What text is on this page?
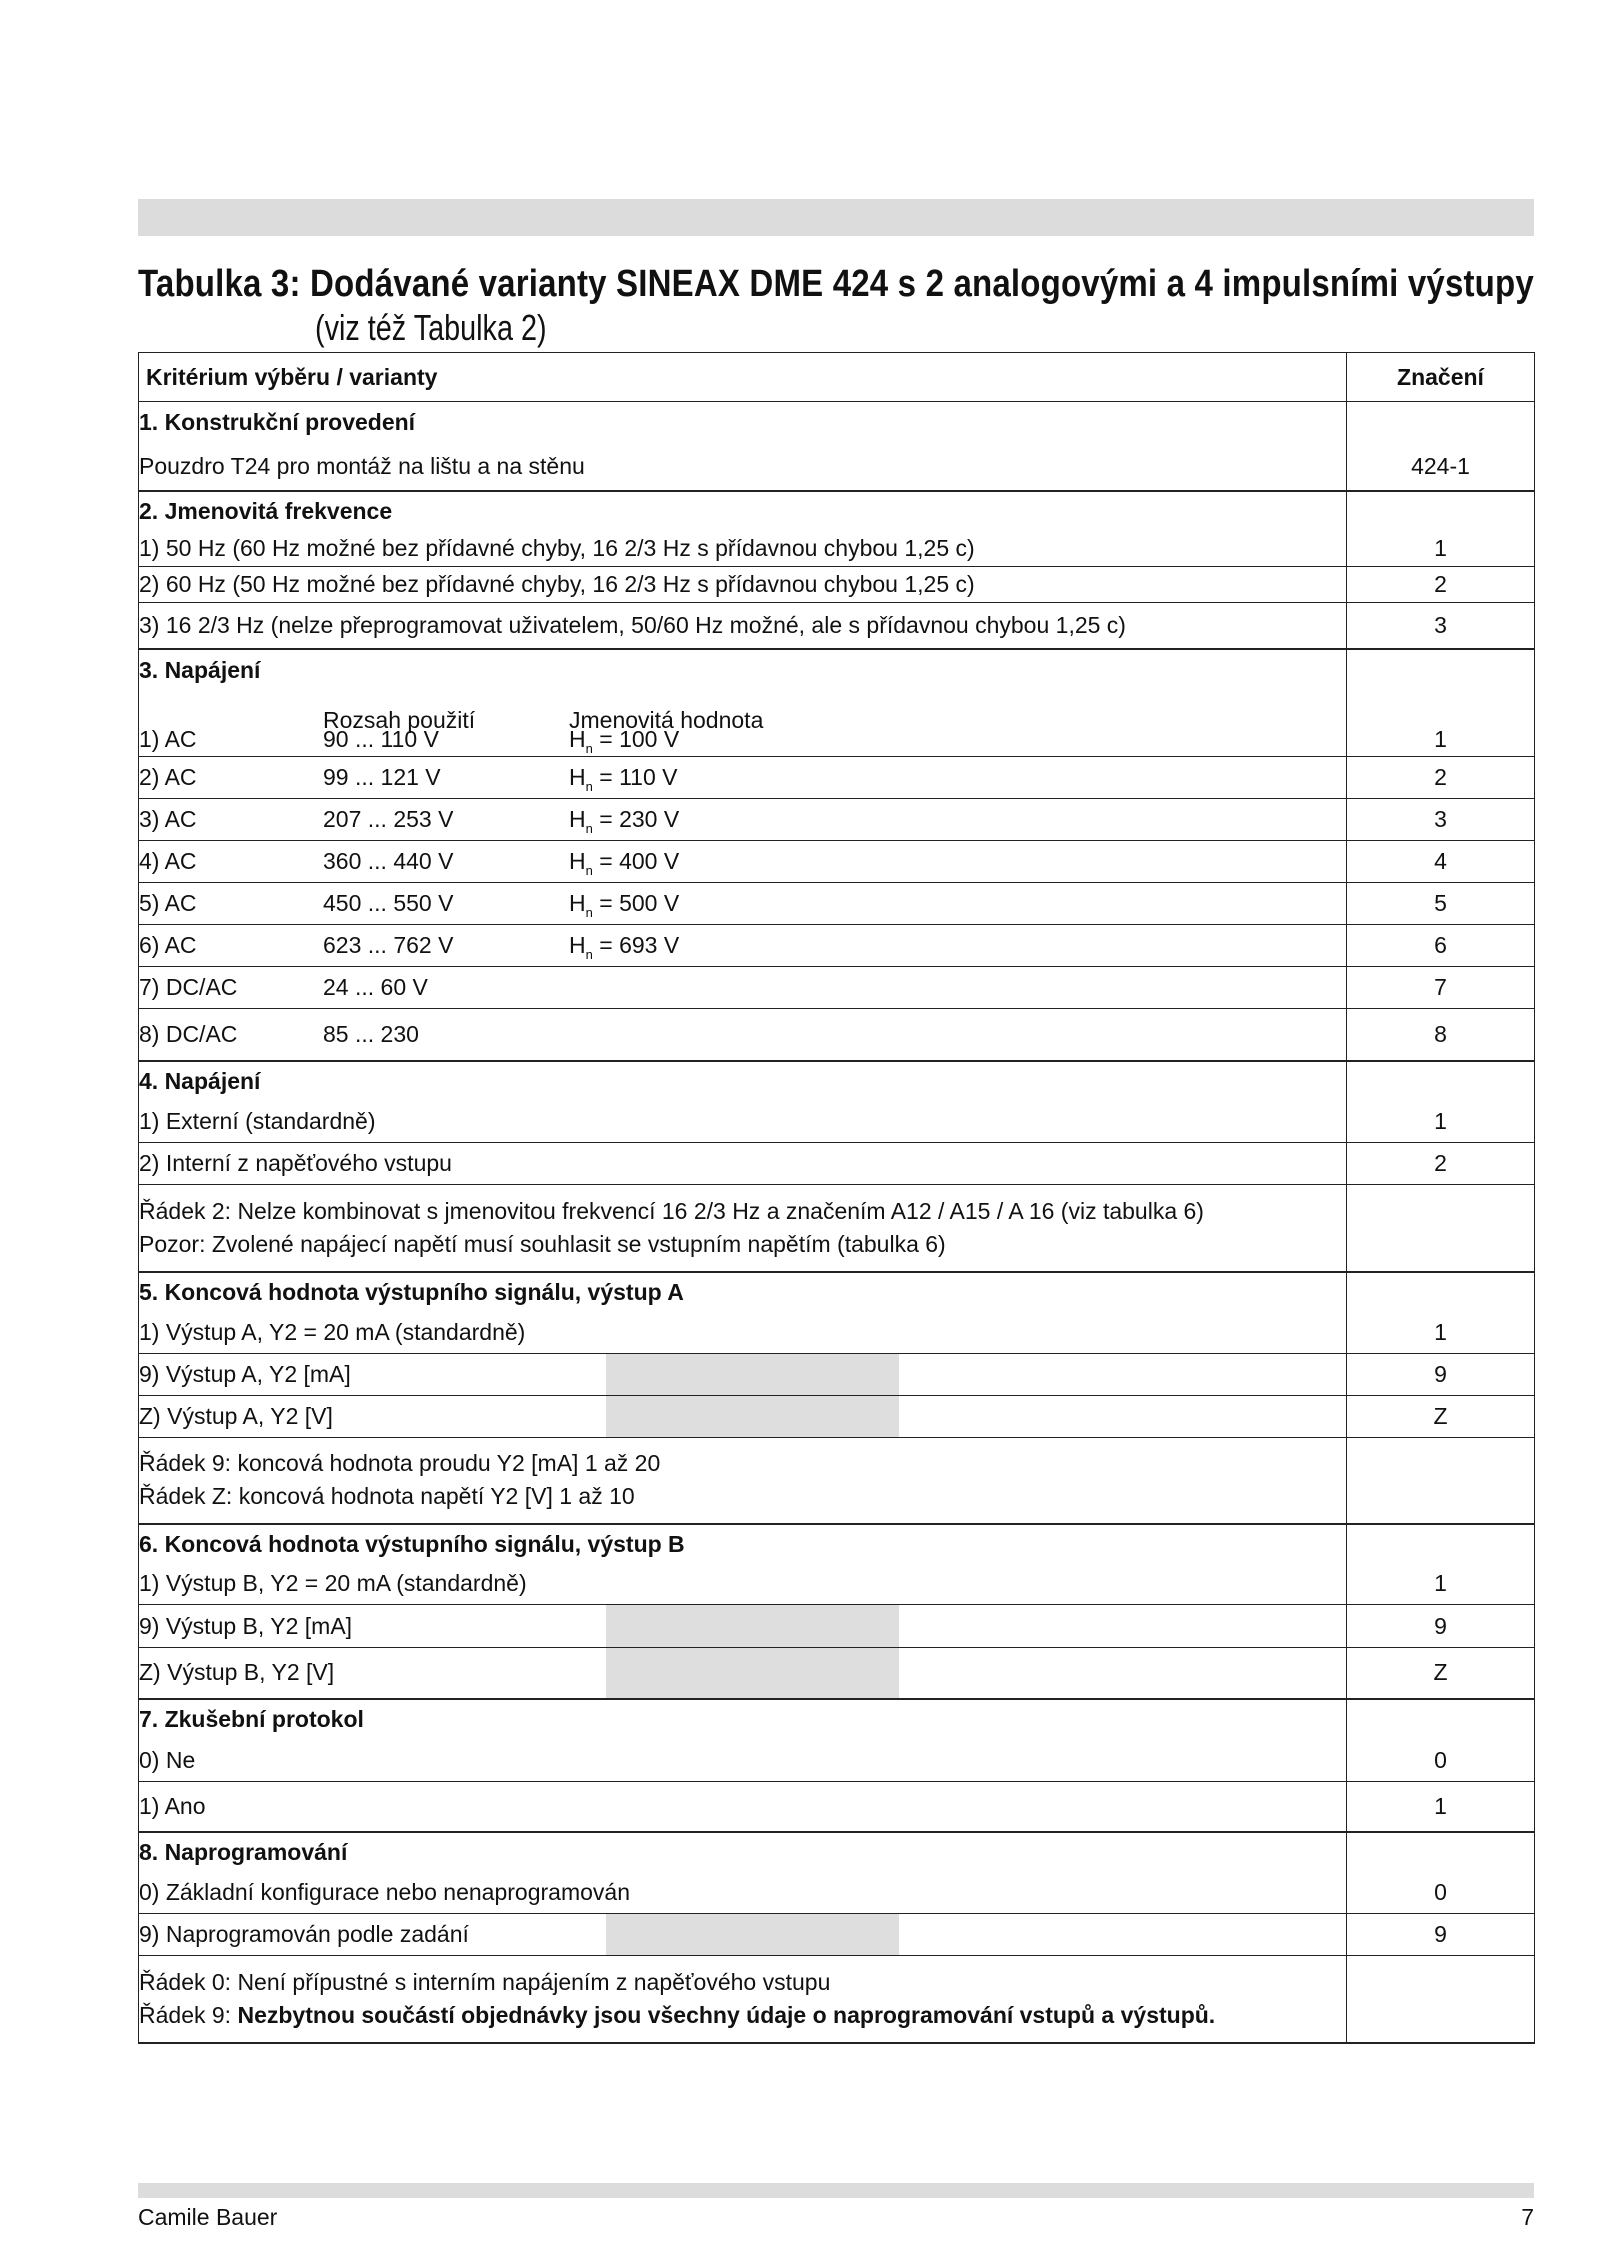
Tabulka 3: Dodávané varianty SINEAX DME 424 s 2 analogovými a 4 impulsními výstupy
(viz též Tabulka 2)
Kritérium výběru / varianty	Značení
1. Konstrukční provedení	
Pouzdro T24 pro montáž na lištu a na stěnu	424-1
2. Jmenovitá frekvence	
1) 50 Hz (60 Hz možné bez přídavné chyby, 16 2/3 Hz s přídavnou chybou 1,25 c)	1
2) 60 Hz (50 Hz možné bez přídavné chyby, 16 2/3 Hz s přídavnou chybou 1,25 c)	2
3) 16 2/3 Hz (nelze přeprogramovat uživatelem, 50/60 Hz možné, ale s přídavnou chybou 1,25 c)	3
3. Napájení	

Rozsah použití Jmenovitá hodnota	

1) AC 90 ... 110 V $H_n = 100$ V	1
2) AC 99 ... 121 V $H_n = 110$ V	2
3) AC 207 ... 253 V $H_n = 230$ V	3
4) AC 360 ... 440 V $H_n = 400$ V	4
5) AC 450 ... 550 V $H_n = 500$ V	5
6) AC 623 ... 762 V $H_n = 693$ V	6
7) DC/AC 24 ... 60 V	7
8) DC/AC 85 ... 230	8
4. Napájení	
1) Externí (standardně)	1
2) Interní z napěťového vstupu	2

Řádek 2: Nelze kombinovat s jmenovitou frekvencí 16 2/3 Hz a značením A12 / A15 / A 16 (viz tabulka 6)
Pozor: Zvolené napájecí napětí musí souhlasit se vstupním napětím (tabulka 6)	

5. Koncová hodnota výstupního signálu, výstup A	
1) Výstup A, Y2 = 20 mA (standardně)	1

9) Výstup A, Y2 [mA]	9

Z) Výstup A, Y2 [V]	Z

Řádek 9: koncová hodnota proudu Y2 [mA] 1 až 20
Řádek Z: koncová hodnota napětí Y2 [V] 1 až 10	

6. Koncová hodnota výstupního signálu, výstup B	
1) Výstup B, Y2 = 20 mA (standardně)	1

9) Výstup B, Y2 [mA]	9

Z) Výstup B, Y2 [V]	Z
7. Zkušební protokol	
0) Ne	0
1) Ano	1
8. Naprogramování	
0) Základní konfigurace nebo nenaprogramován	0

9) Naprogramován podle zadání	9

Řádek 0: Není přípustné s interním napájením z napěťového vstupu
Řádek 9: Nezbytnou součástí objednávky jsou všechny údaje o naprogramování vstupů a výstupů.	

Camile Bauer	7
